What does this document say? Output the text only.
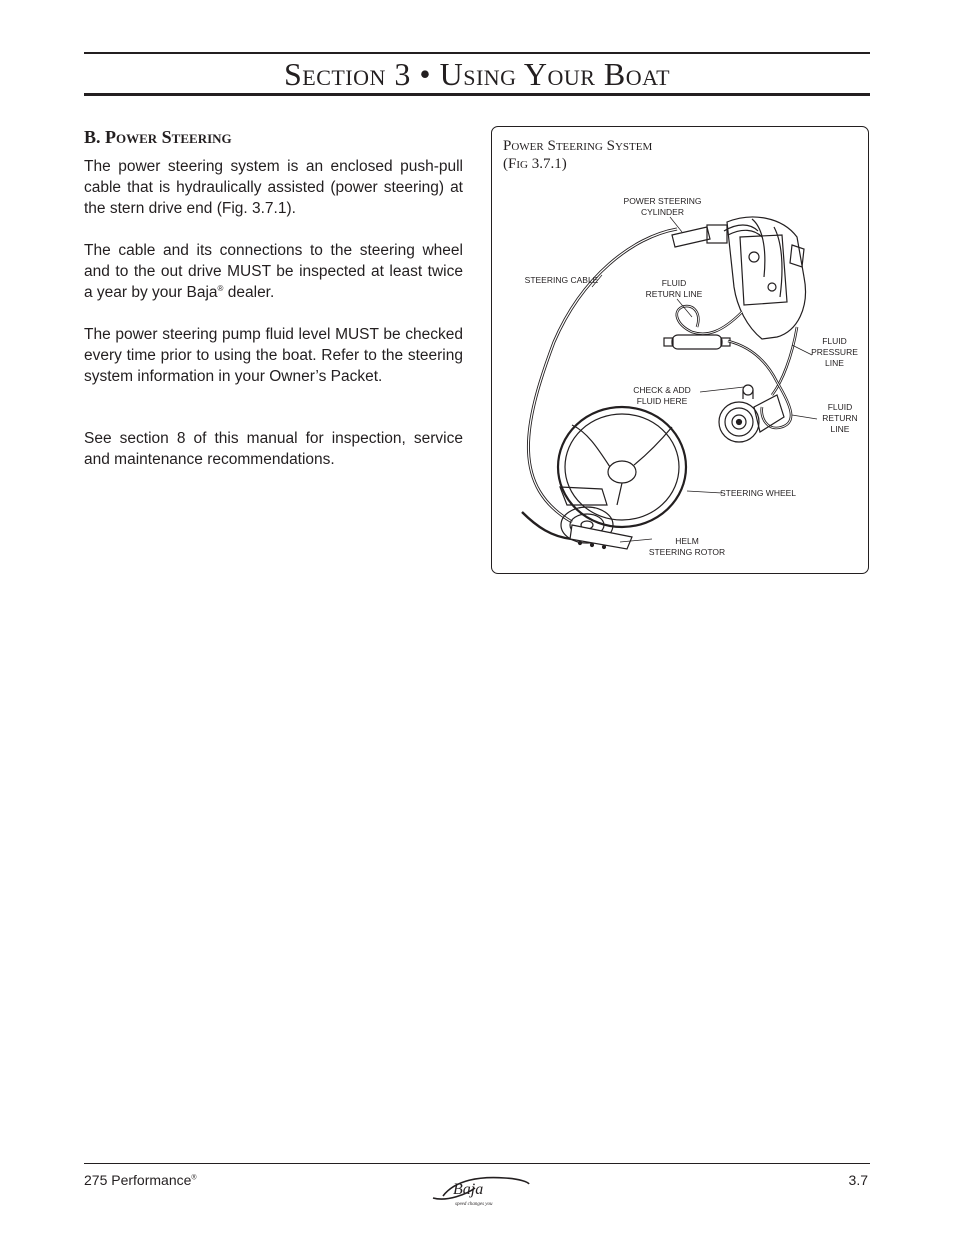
Section 3 • Using Your Boat
B. Power Steering

The power steering system is an enclosed push-pull cable that is hydraulically assisted (power steering) at the stern drive end (Fig. 3.7.1).

The cable and its connections to the steering wheel and to the out drive MUST be inspected at least twice a year by your Baja® dealer.

The power steering pump fluid level MUST be checked every time prior to using the boat. Refer to the steering system information in your Owner’s Packet.

See section 8 of this manual for inspection, service and maintenance recommendations.

Power Steering System
(Fig 3.7.1)
POWER STEERING
CYLINDER
STEERING CABLE	FLUID
RETURN LINE
FLUID
PRESSURE
LINE
CHECK & ADD
FLUID HERE
FLUID
RETURN
LINE
STEERING WHEEL
HELM
STEERING ROTOR
275 Performance®
Baja
speed changes you
3.7
